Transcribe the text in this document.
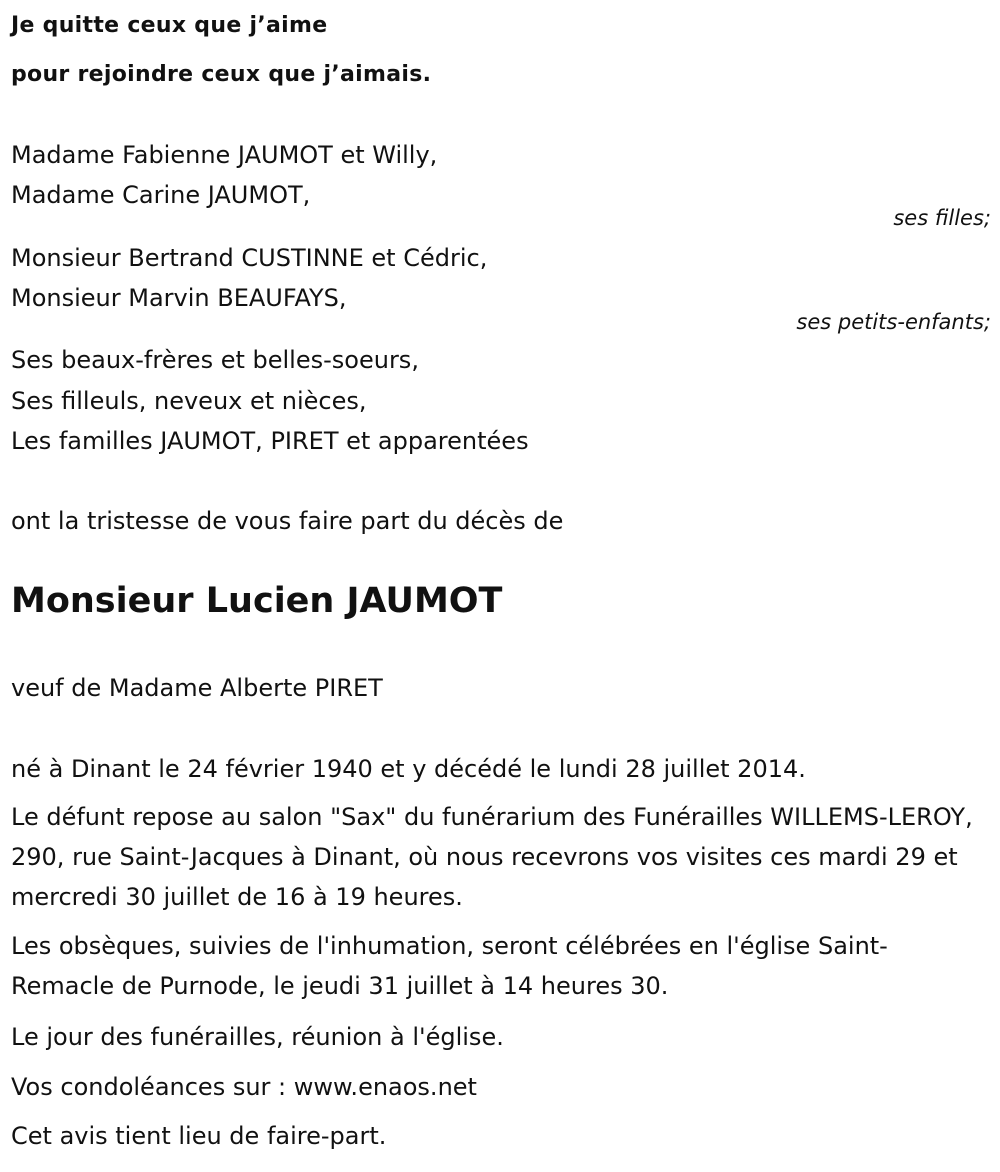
Je quitte ceux que j’aime
pour rejoindre ceux que j’aimais.
Madame Fabienne JAUMOT et Willy,
Madame Carine JAUMOT,
ses filles;
Monsieur Bertrand CUSTINNE et Cédric,
Monsieur Marvin BEAUFAYS,
ses petits-enfants;
Ses beaux-frères et belles-soeurs,
Ses filleuls, neveux et nièces,
Les familles JAUMOT, PIRET et apparentées
ont la tristesse de vous faire part du décès de
Monsieur Lucien JAUMOT
veuf de Madame Alberte PIRET
né à Dinant le 24 février 1940 et y décédé le lundi 28 juillet 2014.
Le défunt repose au salon "Sax" du funérarium des Funérailles WILLEMS-LEROY, 290, rue Saint-Jacques à Dinant, où nous recevrons vos visites ces mardi 29 et mercredi 30 juillet de 16 à 19 heures.
Les obsèques, suivies de l'inhumation, seront célébrées en l'église Saint-Remacle de Purnode, le jeudi 31 juillet à 14 heures 30.
Le jour des funérailles, réunion à l'église.
Vos condoléances sur : www.enaos.net
Cet avis tient lieu de faire-part.
